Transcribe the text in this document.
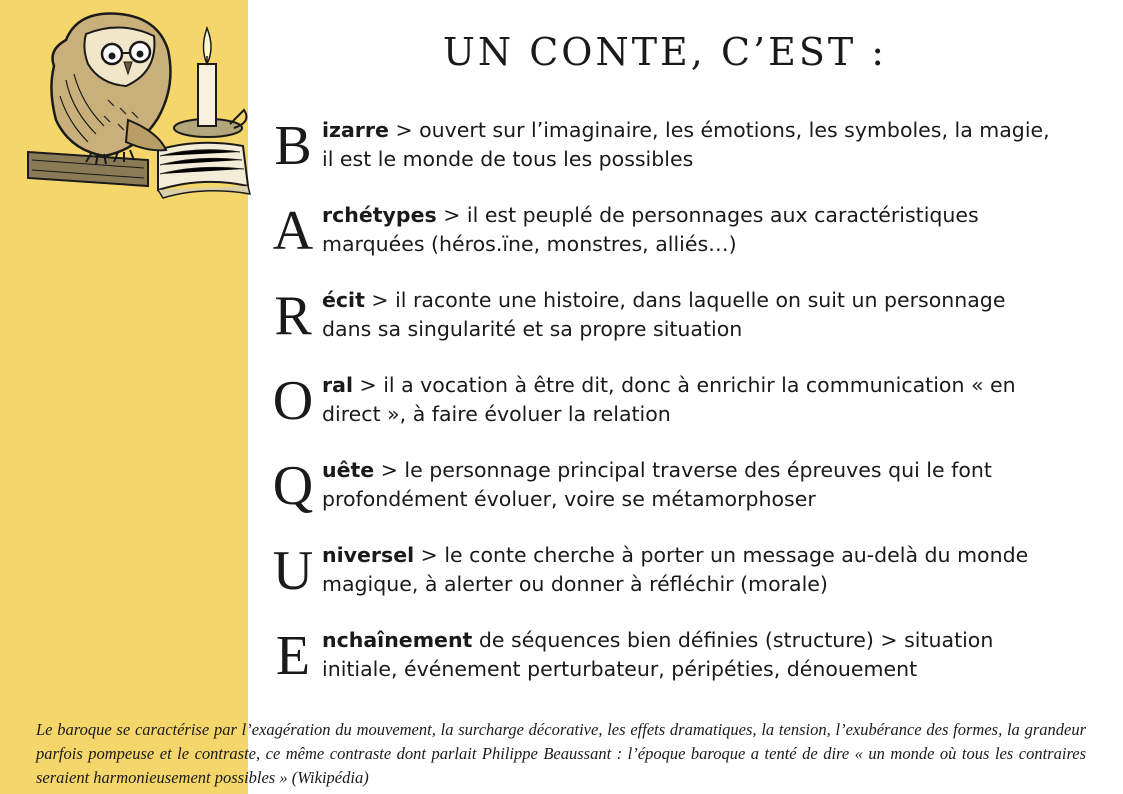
UN CONTE, C’EST :
B izarre > ouvert sur l’imaginaire, les émotions, les symboles, la magie, il est le monde de tous les possibles
A rchétypes > il est peuplé de personnages aux caractéristiques marquées (héros.ïne, monstres, alliés…)
R écit > il raconte une histoire, dans laquelle on suit un personnage dans sa singularité et sa propre situation
O ral > il a vocation à être dit, donc à enrichir la communication « en direct », à faire évoluer la relation
Q uête > le personnage principal traverse des épreuves qui le font profondément évoluer, voire se métamorphoser
U niversel > le conte cherche à porter un message au-delà du monde magique, à alerter ou donner à réfléchir (morale)
E nchaînement de séquences bien définies (structure) > situation initiale, événement perturbateur, péripéties, dénouement

Le baroque se caractérise par l’exagération du mouvement, la surcharge décorative, les effets dramatiques, la tension, l’exubérance des formes, la grandeur parfois pompeuse et le contraste, ce même contraste dont parlait Philippe Beaussant : l’époque baroque a tenté de dire « un monde où tous les contraires seraient harmonieusement possibles » (Wikipédia)
